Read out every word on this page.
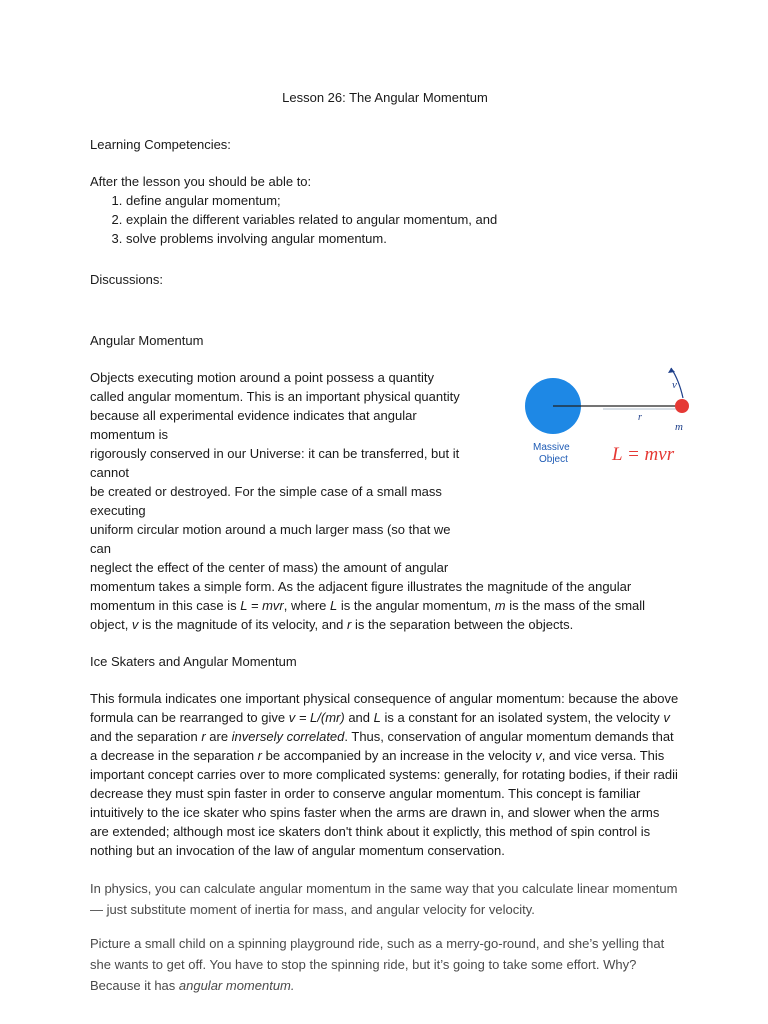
Lesson 26: The Angular Momentum
Learning Competencies:
After the lesson you should be able to:
1. define angular momentum;
2. explain the different variables related to angular momentum, and
3. solve problems involving angular momentum.
Discussions:
Angular Momentum
Objects executing motion around a point possess a quantity
called angular momentum. This is an important physical quantity
because all experimental evidence indicates that angular momentum is
rigorously conserved in our Universe: it can be transferred, but it cannot
be created or destroyed. For the simple case of a small mass executing
uniform circular motion around a much larger mass (so that we can
neglect the effect of the center of mass) the amount of angular
momentum takes a simple form. As the adjacent figure illustrates the magnitude of the angular momentum in this case is L = mvr, where L is the angular momentum, m is the mass of the small object, v is the magnitude of its velocity, and r is the separation between the objects.
Ice Skaters and Angular Momentum
This formula indicates one important physical consequence of angular momentum: because the above formula can be rearranged to give v = L/(mr) and L is a constant for an isolated system, the velocity v and the separation r are inversely correlated. Thus, conservation of angular momentum demands that a decrease in the separation r be accompanied by an increase in the velocity v, and vice versa. This important concept carries over to more complicated systems: generally, for rotating bodies, if their radii decrease they must spin faster in order to conserve angular momentum. This concept is familiar intuitively to the ice skater who spins faster when the arms are drawn in, and slower when the arms are extended; although most ice skaters don't think about it explictly, this method of spin control is nothing but an invocation of the law of angular momentum conservation.
In physics, you can calculate angular momentum in the same way that you calculate linear momentum — just substitute moment of inertia for mass, and angular velocity for velocity.
Picture a small child on a spinning playground ride, such as a merry-go-round, and she’s yelling that she wants to get off. You have to stop the spinning ride, but it’s going to take some effort. Why? Because it has angular momentum.
v
r
m
Massive
Object L = mvr
